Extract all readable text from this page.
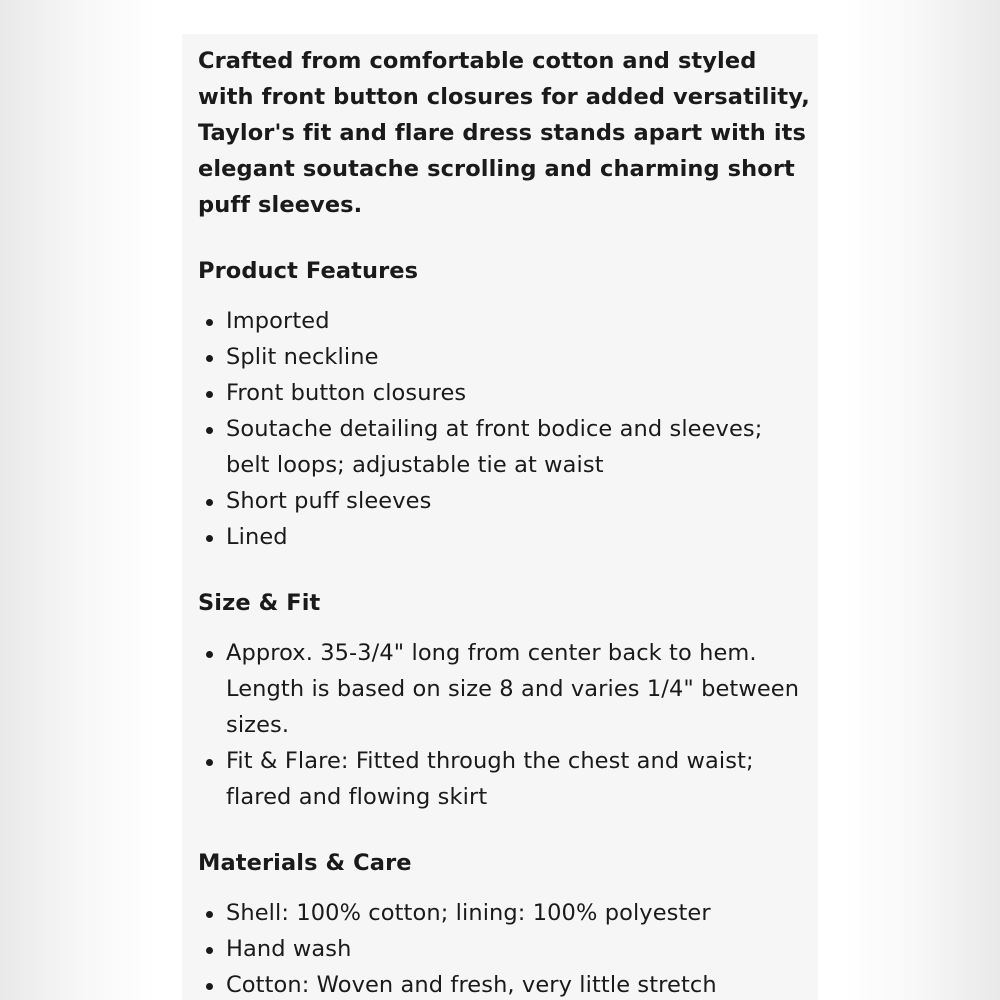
Crafted from comfortable cotton and styled with front button closures for added versatility, Taylor's fit and flare dress stands apart with its elegant soutache scrolling and charming short puff sleeves.

Product Features
Imported
Split neckline
Front button closures
Soutache detailing at front bodice and sleeves; belt loops; adjustable tie at waist
Short puff sleeves
Lined
Size & Fit
Approx. 35-3/4" long from center back to hem. Length is based on size 8 and varies 1/4" between sizes.
Fit & Flare: Fitted through the chest and waist; flared and flowing skirt
Materials & Care
Shell: 100% cotton; lining: 100% polyester
Hand wash
Cotton: Woven and fresh, very little stretch
